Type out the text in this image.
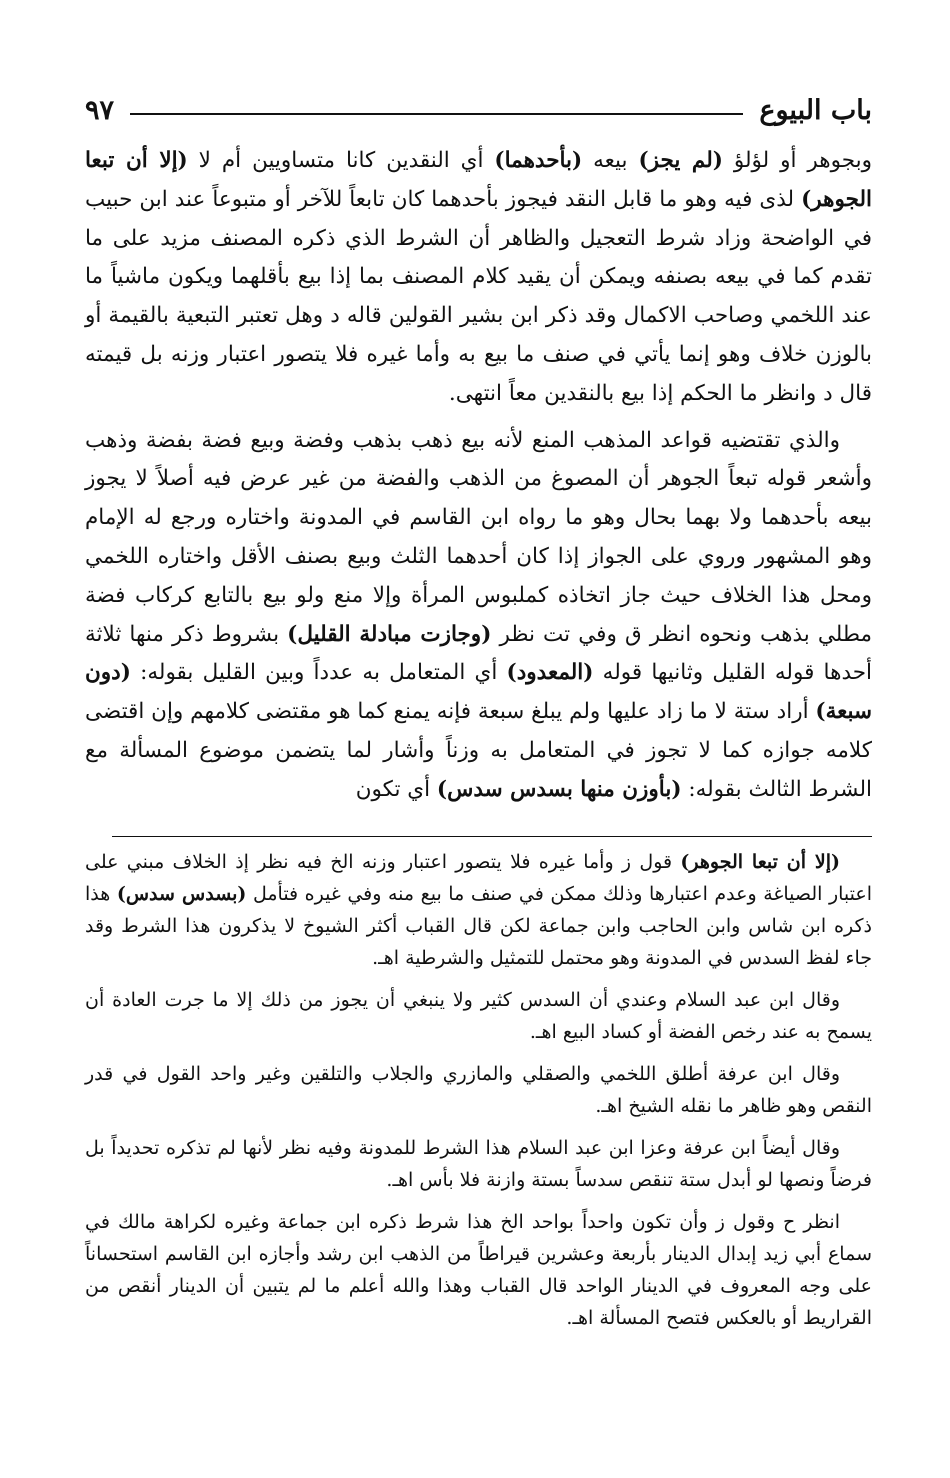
باب البيوع
٩٧

وبجوهر أو لؤلؤ (لم يجز) بيعه (بأحدهما) أي النقدين كانا متساويين أم لا (إلا أن تبعا الجوهر) لذى فيه وهو ما قابل النقد فيجوز بأحدهما كان تابعاً للآخر أو متبوعاً عند ابن حبيب في الواضحة وزاد شرط التعجيل والظاهر أن الشرط الذي ذكره المصنف مزيد على ما تقدم كما في بيعه بصنفه ويمكن أن يقيد كلام المصنف بما إذا بيع بأقلهما ويكون ماشياً ما عند اللخمي وصاحب الاكمال وقد ذكر ابن بشير القولين قاله د وهل تعتبر التبعية بالقيمة أو بالوزن خلاف وهو إنما يأتي في صنف ما بيع به وأما غيره فلا يتصور اعتبار وزنه بل قيمته قال د وانظر ما الحكم إذا بيع بالنقدين معاً انتهى.

والذي تقتضيه قواعد المذهب المنع لأنه بيع ذهب بذهب وفضة وبيع فضة بفضة وذهب وأشعر قوله تبعاً الجوهر أن المصوغ من الذهب والفضة من غير عرض فيه أصلاً لا يجوز بيعه بأحدهما ولا بهما بحال وهو ما رواه ابن القاسم في المدونة واختاره ورجع له الإمام وهو المشهور وروي على الجواز إذا كان أحدهما الثلث وبيع بصنف الأقل واختاره اللخمي ومحل هذا الخلاف حيث جاز اتخاذه كملبوس المرأة وإلا منع ولو بيع بالتابع كركاب فضة مطلي بذهب ونحوه انظر ق وفي تت نظر (وجازت مبادلة القليل) بشروط ذكر منها ثلاثة أحدها قوله القليل وثانيها قوله (المعدود) أي المتعامل به عدداً وبين القليل بقوله: (دون سبعة) أراد ستة لا ما زاد عليها ولم يبلغ سبعة فإنه يمنع كما هو مقتضى كلامهم وإن اقتضى كلامه جوازه كما لا تجوز في المتعامل به وزناً وأشار لما يتضمن موضوع المسألة مع الشرط الثالث بقوله: (بأوزن منها بسدس سدس) أي تكون

(إلا أن تبعا الجوهر) قول ز وأما غيره فلا يتصور اعتبار وزنه الخ فيه نظر إذ الخلاف مبني على اعتبار الصياغة وعدم اعتبارها وذلك ممكن في صنف ما بيع منه وفي غيره فتأمل (بسدس سدس) هذا ذكره ابن شاس وابن الحاجب وابن جماعة لكن قال القباب أكثر الشيوخ لا يذكرون هذا الشرط وقد جاء لفظ السدس في المدونة وهو محتمل للتمثيل والشرطية اهـ.

وقال ابن عبد السلام وعندي أن السدس كثير ولا ينبغي أن يجوز من ذلك إلا ما جرت العادة أن يسمح به عند رخص الفضة أو كساد البيع اهـ.

وقال ابن عرفة أطلق اللخمي والصقلي والمازري والجلاب والتلقين وغير واحد القول في قدر النقص وهو ظاهر ما نقله الشيخ اهـ.

وقال أيضاً ابن عرفة وعزا ابن عبد السلام هذا الشرط للمدونة وفيه نظر لأنها لم تذكره تحديداً بل فرضاً ونصها لو أبدل ستة تنقص سدساً بستة وازنة فلا بأس اهـ.

انظر ح وقول ز وأن تكون واحداً بواحد الخ هذا شرط ذكره ابن جماعة وغيره لكراهة مالك في سماع أبي زيد إبدال الدينار بأربعة وعشرين قيراطاً من الذهب ابن رشد وأجازه ابن القاسم استحساناً على وجه المعروف في الدينار الواحد قال القباب وهذا والله أعلم ما لم يتبين أن الدينار أنقص من القراريط أو بالعكس فتصح المسألة اهـ.
